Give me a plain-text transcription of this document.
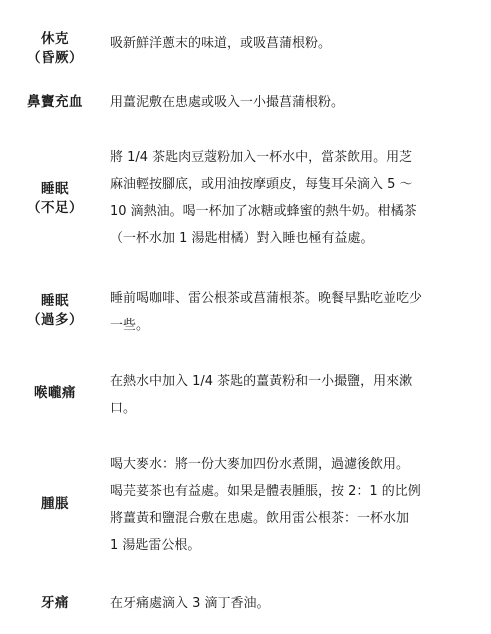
休克
（昏厥）
吸新鮮洋蔥末的味道，或吸菖蒲根粉。
鼻竇充血	用薑泥敷在患處或吸入一小撮菖蒲根粉。
睡眠
（不足）
將 1/4 茶匙肉豆蔻粉加入一杯水中，當茶飲用。用芝
麻油輕按腳底，或用油按摩頭皮，每隻耳朵滴入 5 ～
10 滴熱油。喝一杯加了冰糖或蜂蜜的熱牛奶。柑橘茶
（一杯水加 1 湯匙柑橘）對入睡也極有益處。
睡眠
（過多）
睡前喝咖啡、雷公根茶或菖蒲根茶。晚餐早點吃並吃少
一些。
喉嚨痛
在熱水中加入 1/4 茶匙的薑黃粉和一小撮鹽，用來漱
口。
腫脹
喝大麥水：將一份大麥加四份水煮開，過濾後飲用。
喝芫荽茶也有益處。如果是體表腫脹，按 2：1 的比例
將薑黃和鹽混合敷在患處。飲用雷公根茶：一杯水加
1 湯匙雷公根。
牙痛	在牙痛處滴入 3 滴丁香油。
